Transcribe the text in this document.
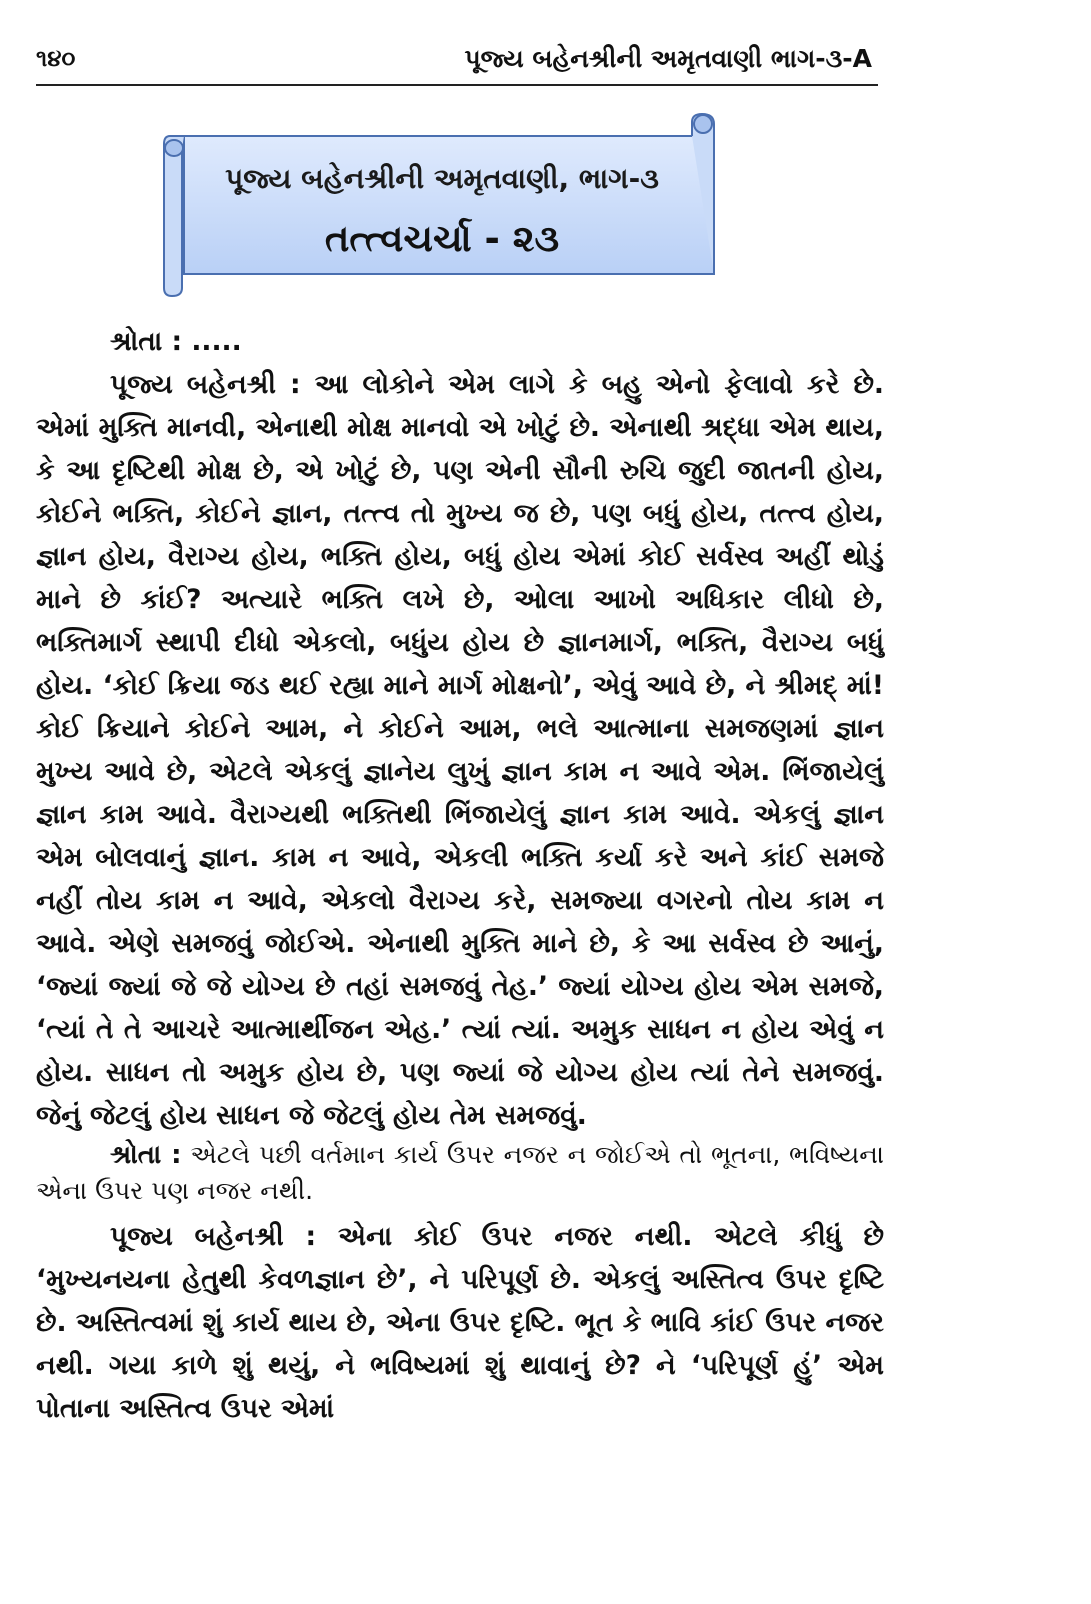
૧૪૦	પૂજ્ય બહેનશ્રીની અમૃતવાણી ભાગ-૩-A
પૂજ્ય બહેનશ્રીની અમૃતવાણી, ભાગ-૩
તત્ત્વચર્ચા - ૨૩

શ્રોતા : .....

પૂજ્ય બહેનશ્રી : આ લોકોને એમ લાગે કે બહુ એનો ફેલાવો કરે છે. એમાં મુક્તિ માનવી, એનાથી મોક્ષ માનવો એ ખોટું છે. એનાથી શ્રદ્ધા એમ થાય, કે આ દૃષ્ટિથી મોક્ષ છે, એ ખોટું છે, પણ એની સૌની રુચિ જુદી જાતની હોય, કોઈને ભક્તિ, કોઈને જ્ઞાન, તત્ત્વ તો મુખ્ય જ છે, પણ બધું હોય, તત્ત્વ હોય, જ્ઞાન હોય, વૈરાગ્ય હોય, ભક્તિ હોય, બધું હોય એમાં કોઈ સર્વસ્વ અહીં થોડું માને છે કાંઈ? અત્યારે ભક્તિ લખે છે, ઓલા આખો અધિકાર લીધો છે, ભક્તિમાર્ગ સ્થાપી દીધો એકલો, બધુંય હોય છે જ્ઞાનમાર્ગ, ભક્તિ, વૈરાગ્ય બધું હોય. ‘કોઈ ક્રિયા જડ થઈ રહ્યા માને માર્ગ મોક્ષનો’, એવું આવે છે, ને શ્રીમદ્ માં! કોઈ ક્રિયાને કોઈને આમ, ને કોઈને આમ, ભલે આત્માના સમજણમાં જ્ઞાન મુખ્ય આવે છે, એટલે એકલું જ્ઞાનેય લુખું જ્ઞાન કામ ન આવે એમ. ભિંજાયેલું જ્ઞાન કામ આવે. વૈરાગ્યથી ભક્તિથી ભિંજાયેલું જ્ઞાન કામ આવે. એકલું જ્ઞાન એમ બોલવાનું જ્ઞાન. કામ ન આવે, એકલી ભક્તિ કર્યા કરે અને કાંઈ સમજે નહીં તોય કામ ન આવે, એકલો વૈરાગ્ય કરે, સમજ્યા વગરનો તોય કામ ન આવે. એણે સમજવું જોઈએ. એનાથી મુક્તિ માને છે, કે આ સર્વસ્વ છે આનું, ‘જ્યાં જ્યાં જે જે યોગ્ય છે તહાં સમજવું તેહ.’ જ્યાં યોગ્ય હોય એમ સમજે, ‘ત્યાં તે તે આચરે આત્માર્થીજન એહ.’ ત્યાં ત્યાં. અમુક સાધન ન હોય એવું ન હોય. સાધન તો અમુક હોય છે, પણ જ્યાં જે યોગ્ય હોય ત્યાં તેને સમજવું. જેનું જેટલું હોય સાધન જે જેટલું હોય તેમ સમજવું.

શ્રોતા : એટલે પછી વર્તમાન કાર્ય ઉપર નજર ન જોઈએ તો ભૂતના, ભવિષ્યના એના ઉપર પણ નજર નથી.

પૂજ્ય બહેનશ્રી : એના કોઈ ઉપર નજર નથી. એટલે કીધું છે ‘મુખ્યનયના હેતુથી કેવળજ્ઞાન છે’, ને પરિપૂર્ણ છે. એકલું અસ્તિત્વ ઉપર દૃષ્ટિ છે. અસ્તિત્વમાં શું કાર્ય થાય છે, એના ઉપર દૃષ્ટિ. ભૂત કે ભાવિ કાંઈ ઉપર નજર નથી. ગયા કાળે શું થયું, ને ભવિષ્યમાં શું થાવાનું છે? ને ‘પરિપૂર્ણ હું’ એમ પોતાના અસ્તિત્વ ઉપર એમાં
